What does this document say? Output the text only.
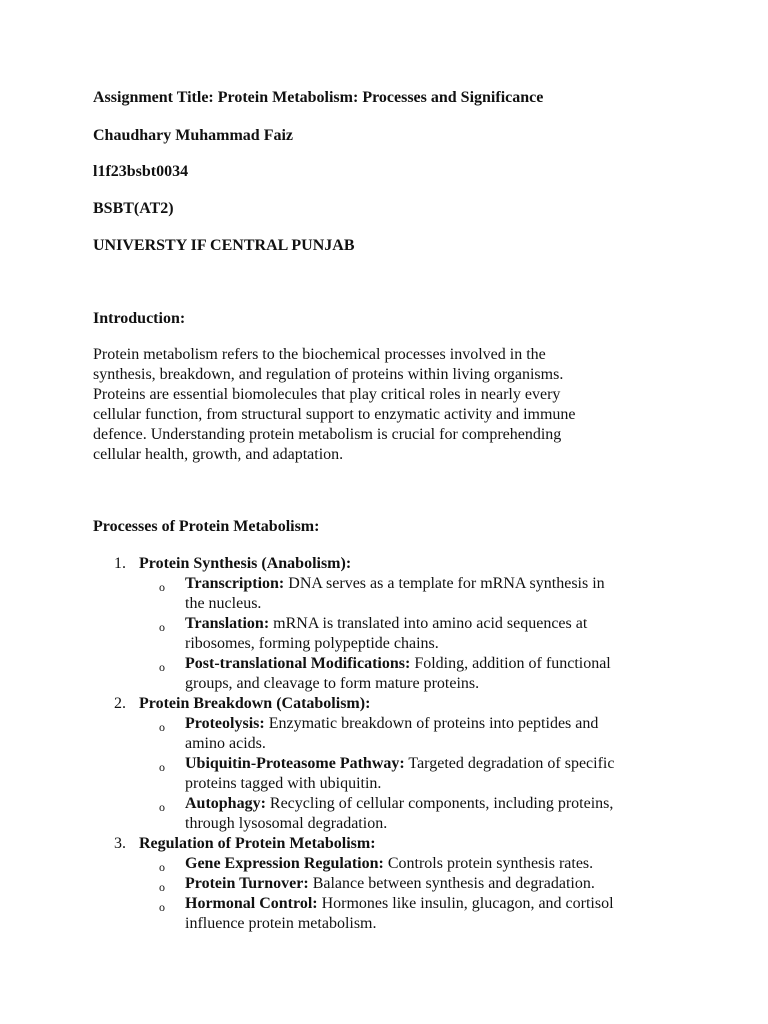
Assignment Title: Protein Metabolism: Processes and Significance
Chaudhary Muhammad Faiz
l1f23bsbt0034
BSBT(AT2)
UNIVERSTY IF CENTRAL PUNJAB
Introduction:
Protein metabolism refers to the biochemical processes involved in the
synthesis, breakdown, and regulation of proteins within living organisms.
Proteins are essential biomolecules that play critical roles in nearly every
cellular function, from structural support to enzymatic activity and immune
defence. Understanding protein metabolism is crucial for comprehending
cellular health, growth, and adaptation.
Processes of Protein Metabolism:
1. Protein Synthesis (Anabolism):
o Transcription: DNA serves as a template for mRNA synthesis in
the nucleus.
o Translation: mRNA is translated into amino acid sequences at
ribosomes, forming polypeptide chains.
o Post-translational Modifications: Folding, addition of functional
groups, and cleavage to form mature proteins.
2. Protein Breakdown (Catabolism):
o Proteolysis: Enzymatic breakdown of proteins into peptides and
amino acids.
o Ubiquitin-Proteasome Pathway: Targeted degradation of specific
proteins tagged with ubiquitin.
o Autophagy: Recycling of cellular components, including proteins,
through lysosomal degradation.
3. Regulation of Protein Metabolism:
o Gene Expression Regulation: Controls protein synthesis rates.
o Protein Turnover: Balance between synthesis and degradation.
o Hormonal Control: Hormones like insulin, glucagon, and cortisol
influence protein metabolism.
